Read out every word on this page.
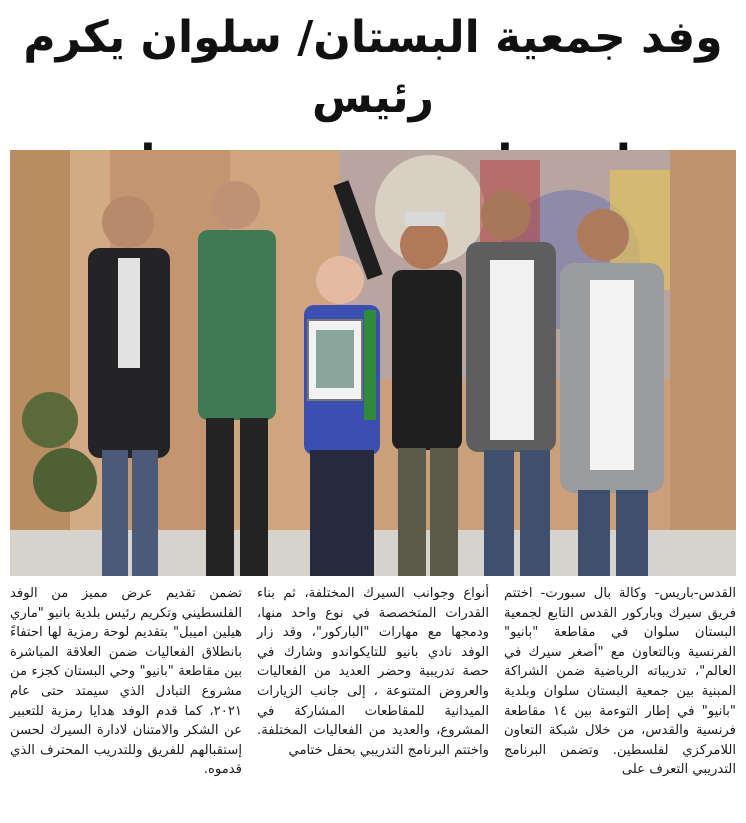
وفد جمعية البستان/ سلوان يكرم رئيس

القدس-باريس- وكالة بال سبورت- اختتم فريق سيرك وباركور القدس التابع لجمعية البستان سلوان في مقاطعة "بانيو" الفرنسية وبالتعاون مع "أصغر سيرك في العالم"، تدريباته الرياضية ضمن الشراكة المبنية بين جمعية البستان سلوان وبلدية "بانيو" في إطار التوءمة بين ١٤ مقاطعة فرنسية والقدس، من خلال شبكة التعاون اللامركزي لفلسطين. وتضمن البرنامج التدريبي التعرف على

أنواع وجوانب السيرك المختلفة، ثم بناء القدرات المتخصصة في نوع واحد منها، ودمجها مع مهارات "الباركور"، وقد زار الوفد نادي بانيو للتايكواندو وشارك في حصة تدريبية وحضر العديد من الفعاليات والعروض المتنوعة ، إلى جانب الزيارات الميدانية للمقاطعات المشاركة في المشروع، والعديد من الفعاليات المختلفة. واختتم البرنامج التدريبي بحفل ختامي

تضمن تقديم عرض مميز من الوفد الفلسطيني وتكريم رئيس بلدية بانيو "ماري هيلين اميبل" بتقديم لوحة رمزية لها احتفاءً بانطلاق الفعاليات ضمن العلاقة المباشرة بين مقاطعة "بانيو" وحي البستان كجزء من مشروع التبادل الذي سيمتد حتى عام ٢٠٢١، كما قدم الوفد هدايا رمزية للتعبير عن الشكر والامتنان لادارة السيرك لحسن إستقبالهم للفريق وللتدريب المحترف الذي قدموه.
